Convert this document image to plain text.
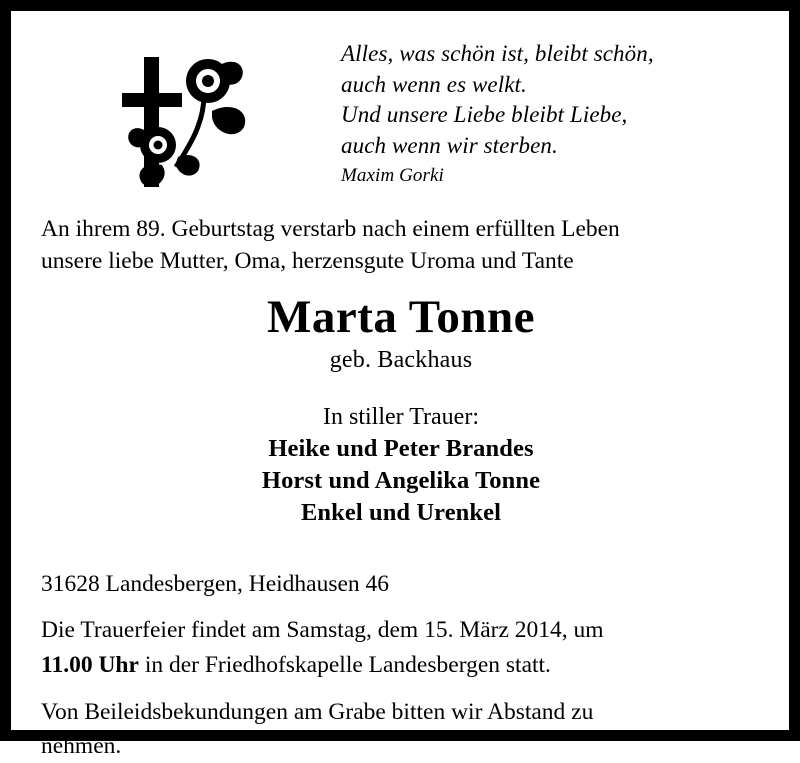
Alles, was schön ist, bleibt schön,

auch wenn es welkt.

Und unsere Liebe bleibt Liebe,

auch wenn wir sterben.

Maxim Gorki

An ihrem 89. Geburtstag verstarb nach einem erfüllten Leben
unsere liebe Mutter, Oma, herzensgute Uroma und Tante
Marta Tonne
geb. Backhaus
In stiller Trauer:
Heike und Peter Brandes
Horst und Angelika Tonne
Enkel und Urenkel
31628 Landesbergen, Heidhausen 46
Die Trauerfeier findet am Samstag, dem 15. März 2014, um
11.00 Uhr in der Friedhofskapelle Landesbergen statt.
Von Beileidsbekundungen am Grabe bitten wir Abstand zu
nehmen.
